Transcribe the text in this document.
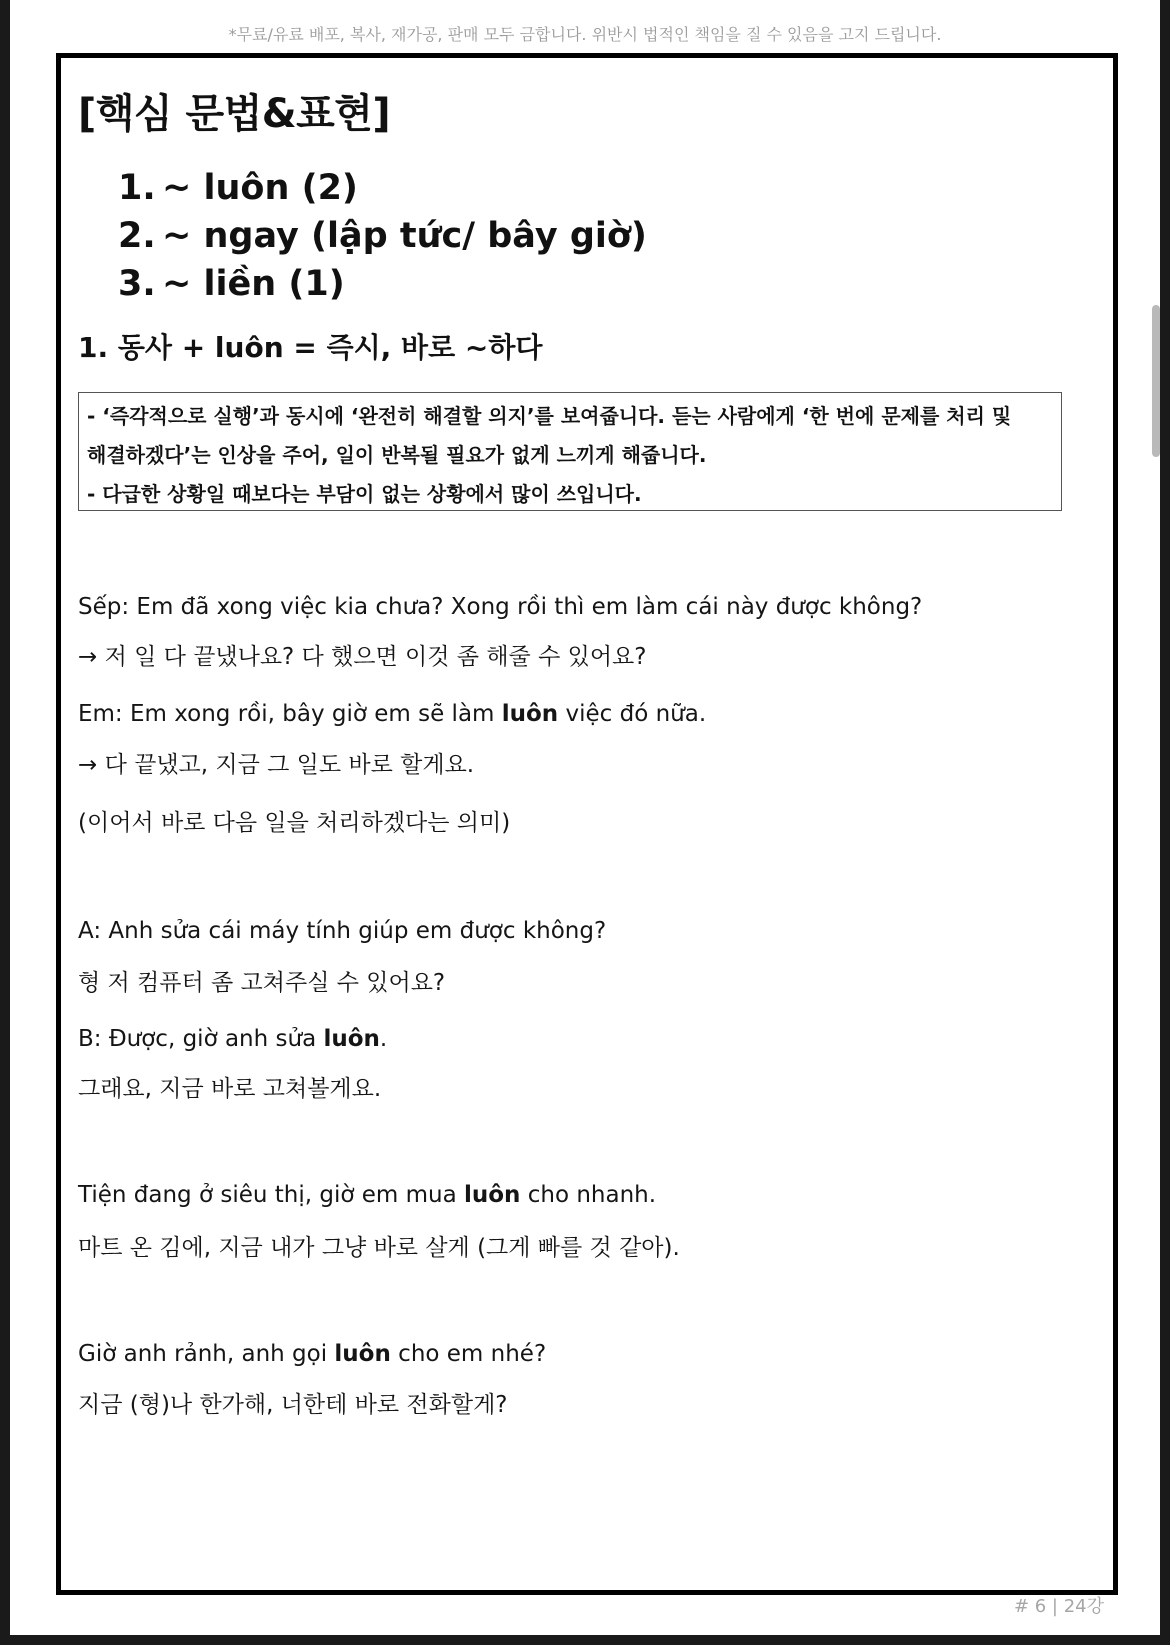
*무료/유료 배포, 복사, 재가공, 판매 모두 금합니다. 위반시 법적인 책임을 질 수 있음을 고지 드립니다.
[핵심 문법&표현]
1. ~ luôn (2)
2. ~ ngay (lập tức/ bây giờ)
3. ~ liền (1)
1. 동사 + luôn = 즉시, 바로 ~하다

- ‘즉각적으로 실행’과 동시에 ‘완전히 해결할 의지’를 보여줍니다. 듣는 사람에게 ‘한 번에 문제를 처리 및

해결하겠다’는 인상을 주어, 일이 반복될 필요가 없게 느끼게 해줍니다.

- 다급한 상황일 때보다는 부담이 없는 상황에서 많이 쓰입니다.

Sếp: Em đã xong việc kia chưa? Xong rồi thì em làm cái này được không?

→ 저 일 다 끝냈나요? 다 했으면 이것 좀 해줄 수 있어요?

Em: Em xong rồi, bây giờ em sẽ làm luôn việc đó nữa.

→ 다 끝냈고, 지금 그 일도 바로 할게요.

(이어서 바로 다음 일을 처리하겠다는 의미)

A: Anh sửa cái máy tính giúp em được không?

형 저 컴퓨터 좀 고쳐주실 수 있어요?

B: Được, giờ anh sửa luôn.

그래요, 지금 바로 고쳐볼게요.

Tiện đang ở siêu thị, giờ em mua luôn cho nhanh.

마트 온 김에, 지금 내가 그냥 바로 살게 (그게 빠를 것 같아).

Giờ anh rảnh, anh gọi luôn cho em nhé?

지금 (형)나 한가해, 너한테 바로 전화할게?

# 6 | 24강
